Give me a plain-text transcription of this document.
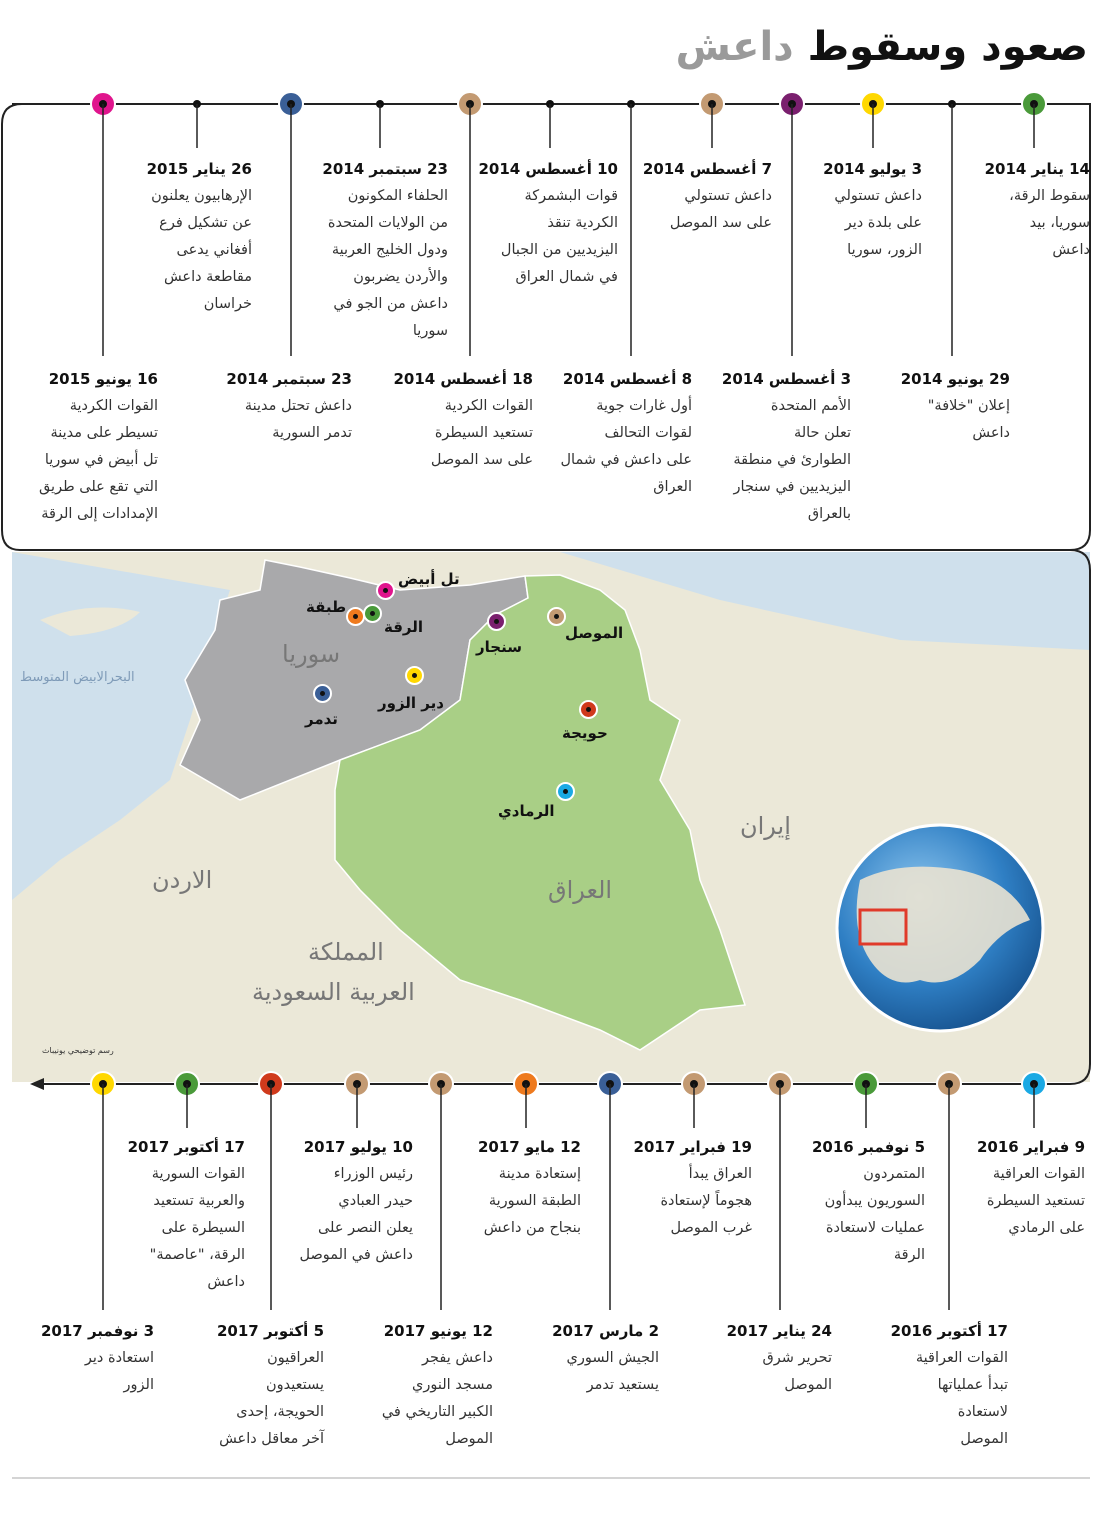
صعود وسقوط داعش
14 يناير 2014
سقوط الرقة،
سوريا، بيد
داعش
3 يوليو 2014
داعش تستولي
على بلدة دير
الزور، سوريا
7 أغسطس 2014
داعش تستولي
على سد الموصل
10 أغسطس 2014
قوات البشمركة
الكردية تنقذ
اليزيديين من الجبال
في شمال العراق
23 سبتمبر 2014
الحلفاء المكونون
من الولايات المتحدة
ودول الخليج العربية
والأردن يضربون
داعش من الجو في
سوريا
26 يناير 2015
الإرهابيون يعلنون
عن تشكيل فرع
أفغاني يدعى
مقاطعة داعش
خراسان
29 يونيو 2014
إعلان "خلافة"
داعش
3 أغسطس 2014
الأمم المتحدة
تعلن حالة
الطوارئ في منطقة
اليزيديين في سنجار
بالعراق
8 أغسطس 2014
أول غارات جوية
لقوات التحالف
على داعش في شمال
العراق
18 أغسطس 2014
القوات الكردية
تستعيد السيطرة
على سد الموصل
23 سبتمبر 2014
داعش تحتل مدينة
تدمر السورية
16 يونيو 2015
القوات الكردية
تسيطر على مدينة
تل أبيض في سوريا
التي تقع على طريق
الإمدادات إلى الرقة
9 فبراير 2016
القوات العراقية
تستعيد السيطرة
على الرمادي
5 نوفمبر 2016
المتمردون
السوريون يبدأون
عمليات لاستعادة
الرقة
19 فبراير 2017
العراق يبدأ
هجوماً لإستعادة
غرب الموصل
12 مايو 2017
إستعادة مدينة
الطبقة السورية
بنجاح من داعش
10 يوليو 2017
رئيس الوزراء
حيدر العبادي
يعلن النصر على
داعش في الموصل
17 أكتوبر 2017
القوات السورية
والعربية تستعيد
السيطرة على
الرقة، "عاصمة"
داعش
17 أكتوبر 2016
القوات العراقية
تبدأ عملياتها
لاستعادة
الموصل
24 يناير 2017
تحرير شرق
الموصل
2 مارس 2017
الجيش السوري
يستعيد تدمر
12 يونيو 2017
داعش يفجر
مسجد النوري
الكبير التاريخي في
الموصل
5 أكتوبر 2017
العراقيون
يستعيدون
الحويجة، إحدى
آخر معاقل داعش
3 نوفمبر 2017
استعادة دير
الزور
سوريا
العراق
إيران
الاردن
المملكة
العربية السعودية
البحرالابيض المتوسط
تل أبيض
طبقة
الرقة
سنجار
الموصل
دير الزور
تدمر
حويجة
الرمادي
رسم توضيحي يونيباث
